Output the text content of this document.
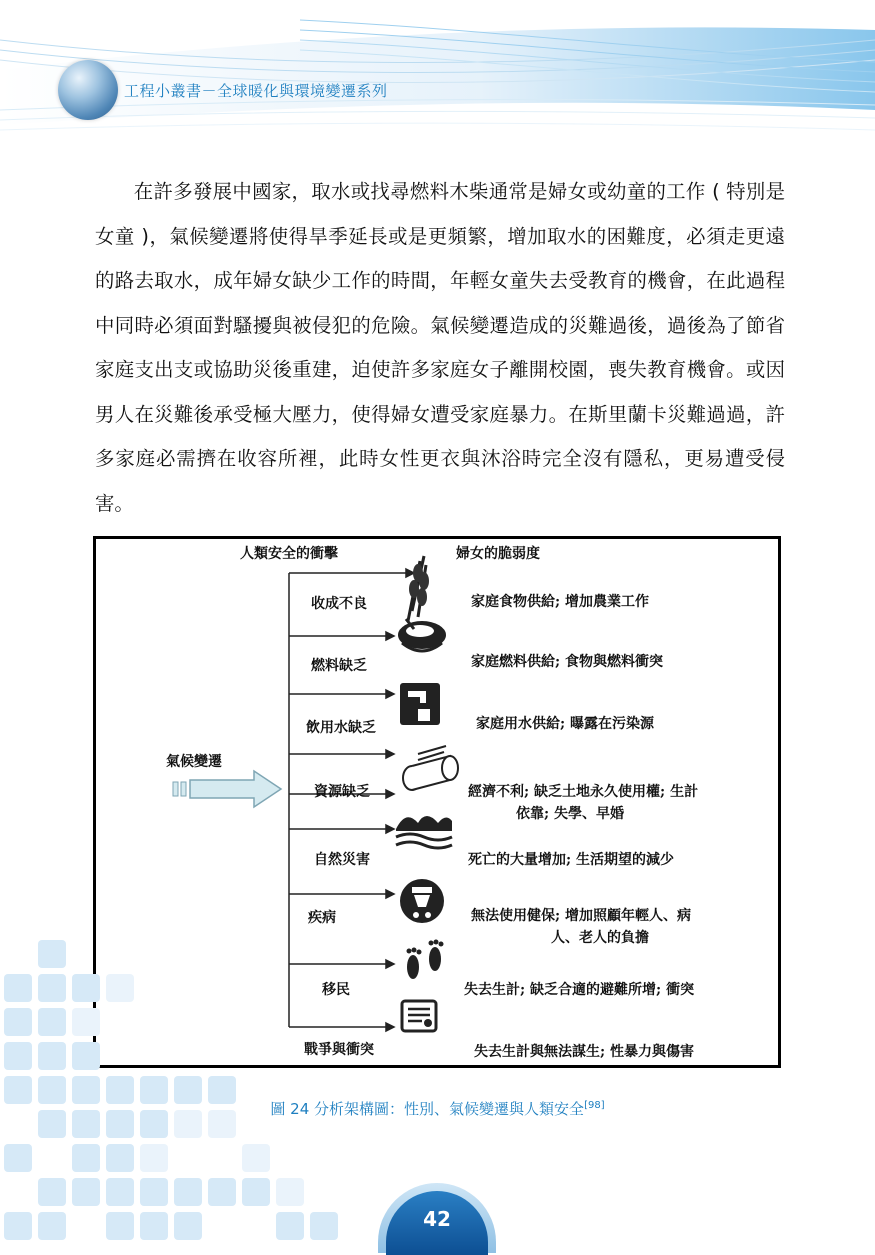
工程小叢書－全球暖化與環境變遷系列

在許多發展中國家，取水或找尋燃料木柴通常是婦女或幼童的工作 ( 特別是女童 )，氣候變遷將使得旱季延長或是更頻繁，增加取水的困難度，必須走更遠的路去取水，成年婦女缺少工作的時間，年輕女童失去受教育的機會，在此過程中同時必須面對騷擾與被侵犯的危險。氣候變遷造成的災難過後，過後為了節省家庭支出支或協助災後重建，迫使許多家庭女子離開校園，喪失教育機會。或因男人在災難後承受極大壓力，使得婦女遭受家庭暴力。在斯里蘭卡災難過過，許多家庭必需擠在收容所裡，此時女性更衣與沐浴時完全沒有隱私，更易遭受侵害。

人類安全的衝擊	婦女的脆弱度
氣候變遷
收成不良
燃料缺乏
飲用水缺乏
資源缺乏
自然災害
疾病
移民
戰爭與衝突
家庭食物供給; 增加農業工作
家庭燃料供給; 食物與燃料衝突
家庭用水供給; 曝露在污染源
經濟不利; 缺乏土地永久使用權; 生計
依靠; 失學、早婚
死亡的大量增加; 生活期望的減少
無法使用健保; 增加照顧年輕人、病
人、老人的負擔
失去生計; 缺乏合適的避難所增; 衝突
失去生計與無法謀生; 性暴力與傷害
圖 24 分析架構圖：性別、氣候變遷與人類安全[98]
42
